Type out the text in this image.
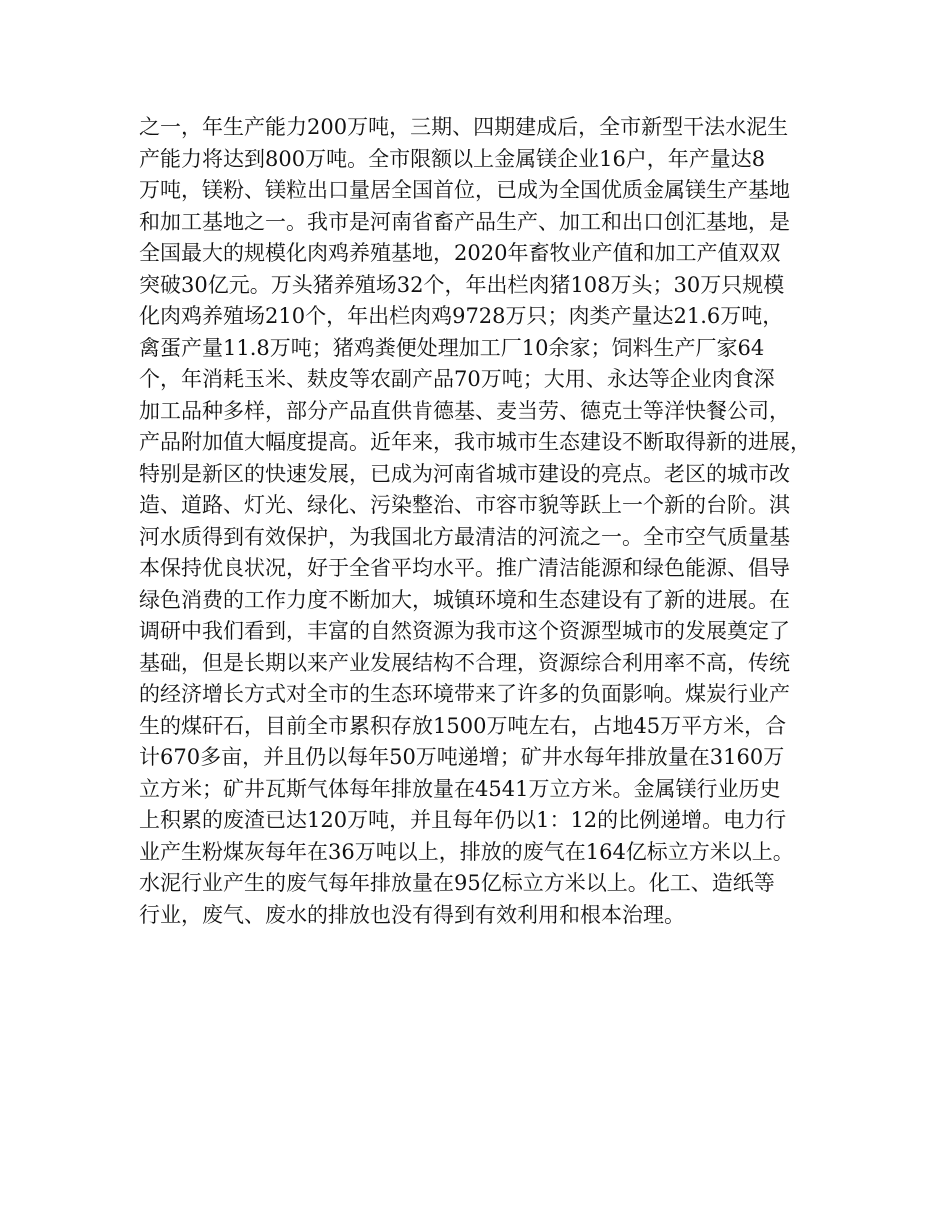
之一，年生产能力200万吨，三期、四期建成后，全市新型干法水泥生
产能力将达到800万吨。全市限额以上金属镁企业16户，年产量达8
万吨，镁粉、镁粒出口量居全国首位，已成为全国优质金属镁生产基地
和加工基地之一。我市是河南省畜产品生产、加工和出口创汇基地，是
全国最大的规模化肉鸡养殖基地，2020年畜牧业产值和加工产值双双
突破30亿元。万头猪养殖场32个，年出栏肉猪108万头；30万只规模
化肉鸡养殖场210个，年出栏肉鸡9728万只；肉类产量达21.6万吨，
禽蛋产量11.8万吨；猪鸡粪便处理加工厂10余家；饲料生产厂家64
个，年消耗玉米、麸皮等农副产品70万吨；大用、永达等企业肉食深
加工品种多样，部分产品直供肯德基、麦当劳、德克士等洋快餐公司，
产品附加值大幅度提高。近年来，我市城市生态建设不断取得新的进展，
特别是新区的快速发展，已成为河南省城市建设的亮点。老区的城市改
造、道路、灯光、绿化、污染整治、市容市貌等跃上一个新的台阶。淇
河水质得到有效保护，为我国北方最清洁的河流之一。全市空气质量基
本保持优良状况，好于全省平均水平。推广清洁能源和绿色能源、倡导
绿色消费的工作力度不断加大，城镇环境和生态建设有了新的进展。在
调研中我们看到，丰富的自然资源为我市这个资源型城市的发展奠定了
基础，但是长期以来产业发展结构不合理，资源综合利用率不高，传统
的经济增长方式对全市的生态环境带来了许多的负面影响。煤炭行业产
生的煤矸石，目前全市累积存放1500万吨左右，占地45万平方米，合
计670多亩，并且仍以每年50万吨递增；矿井水每年排放量在3160万
立方米；矿井瓦斯气体每年排放量在4541万立方米。金属镁行业历史
上积累的废渣已达120万吨，并且每年仍以1：12的比例递增。电力行
业产生粉煤灰每年在36万吨以上，排放的废气在164亿标立方米以上。
水泥行业产生的废气每年排放量在95亿标立方米以上。化工、造纸等
行业，废气、废水的排放也没有得到有效利用和根本治理。
